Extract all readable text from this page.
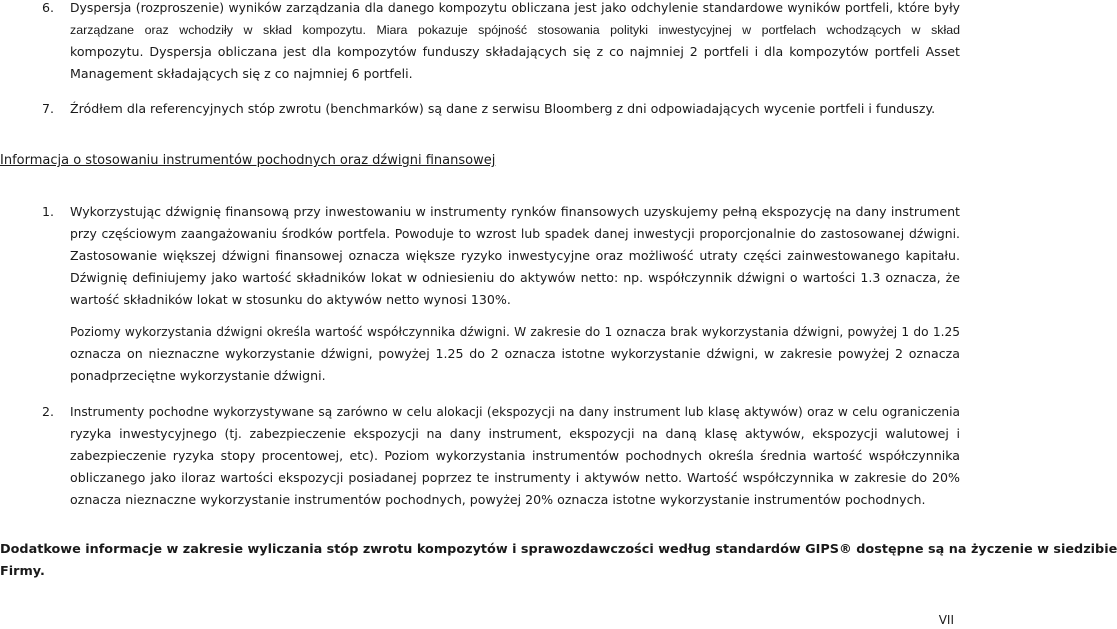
6.	Dyspersja (rozproszenie) wyników zarządzania dla danego kompozytu obliczana jest jako odchylenie standardowe wyników portfeli, które były
zarządzane oraz wchodziły w skład kompozytu. Miara pokazuje spójność stosowania polityki inwestycyjnej w portfelach wchodzących w skład
kompozytu. Dyspersja obliczana jest dla kompozytów funduszy składających się z co najmniej 2 portfeli i dla kompozytów portfeli Asset
Management składających się z co najmniej 6 portfeli.
7.	Źródłem dla referencyjnych stóp zwrotu (benchmarków) są dane z serwisu Bloomberg z dni odpowiadających wycenie portfeli i funduszy.
Informacja o stosowaniu instrumentów pochodnych oraz dźwigni finansowej
1.	Wykorzystując dźwignię finansową przy inwestowaniu w instrumenty rynków finansowych uzyskujemy pełną ekspozycję na dany instrument
przy częściowym zaangażowaniu środków portfela. Powoduje to wzrost lub spadek danej inwestycji proporcjonalnie do zastosowanej dźwigni.
Zastosowanie większej dźwigni finansowej oznacza większe ryzyko inwestycyjne oraz możliwość utraty części zainwestowanego kapitału.
Dźwignię definiujemy jako wartość składników lokat w odniesieniu do aktywów netto: np. współczynnik dźwigni o wartości 1.3 oznacza, że
wartość składników lokat w stosunku do aktywów netto wynosi 130%.
Poziomy wykorzystania dźwigni określa wartość współczynnika dźwigni. W zakresie do 1 oznacza brak wykorzystania dźwigni, powyżej 1 do 1.25
oznacza on nieznaczne wykorzystanie dźwigni, powyżej 1.25 do 2 oznacza istotne wykorzystanie dźwigni, w zakresie powyżej 2 oznacza
ponadprzeciętne wykorzystanie dźwigni.
2.	Instrumenty pochodne wykorzystywane są zarówno w celu alokacji (ekspozycji na dany instrument lub klasę aktywów) oraz w celu ograniczenia
ryzyka inwestycyjnego (tj. zabezpieczenie ekspozycji na dany instrument, ekspozycji na daną klasę aktywów, ekspozycji walutowej i
zabezpieczenie ryzyka stopy procentowej, etc). Poziom wykorzystania instrumentów pochodnych określa średnia wartość współczynnika
obliczanego jako iloraz wartości ekspozycji posiadanej poprzez te instrumenty i aktywów netto. Wartość współczynnika w zakresie do 20%
oznacza nieznaczne wykorzystanie instrumentów pochodnych, powyżej 20% oznacza istotne wykorzystanie instrumentów pochodnych.
Dodatkowe informacje w zakresie wyliczania stóp zwrotu kompozytów i sprawozdawczości według standardów GIPS® dostępne są na życzenie w siedzibie Firmy.
VII
